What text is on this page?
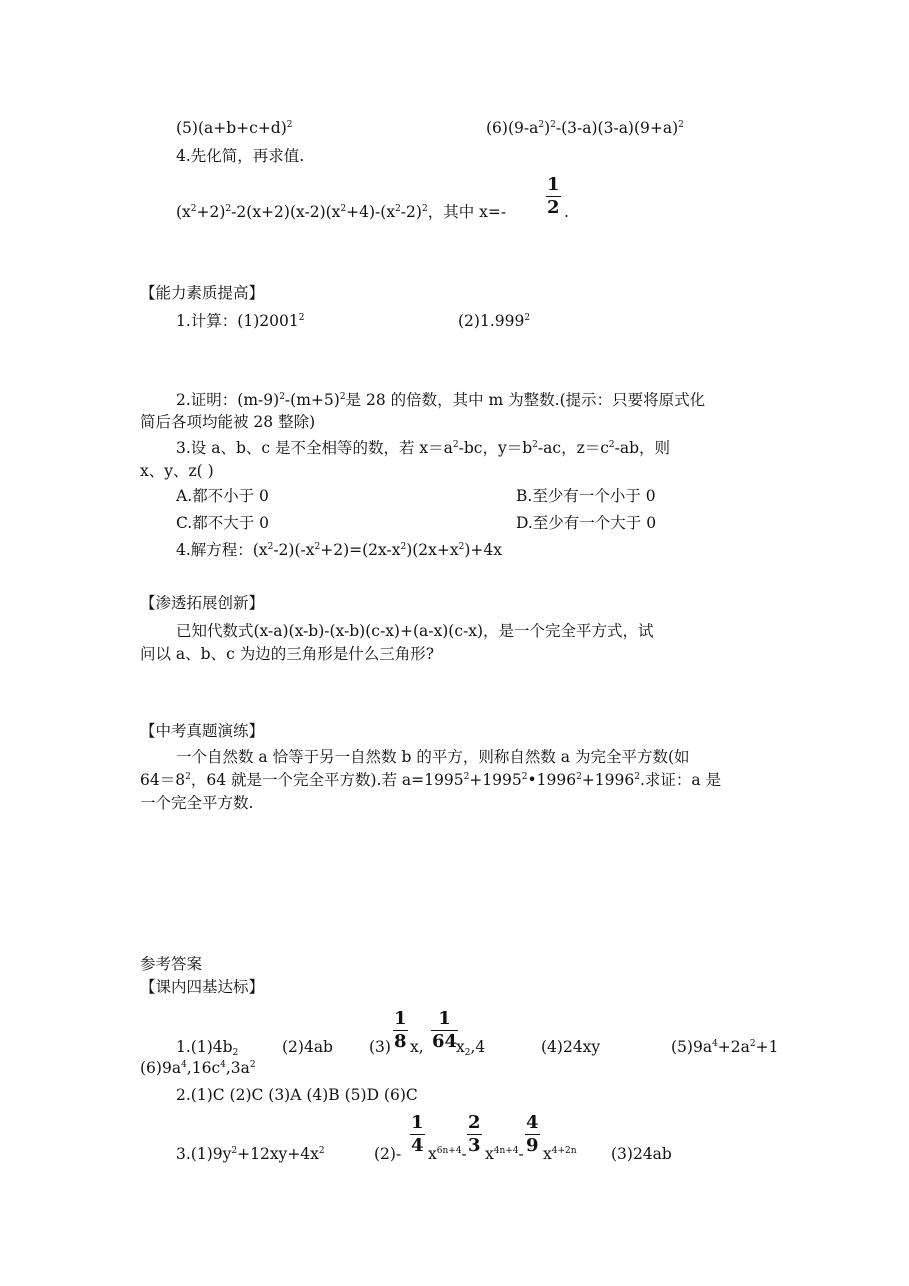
$(5)(a+b+c+d)^2$	$(6)(9-a^2)^2-(3-a)(3-a)(9+a)^2$
4.先化简，再求值.
$(x^2+2)^2-2(x+2)(x-2)(x^2+4)-(x^2-2)^2$，其中 x=-
1
2 .
【能力素质提高】
1.计算：(1)2001$^2$	(2)1.999$^2$
2.证明：$(m-9)^2-(m+5)^2$是 28 的倍数，其中 m 为整数.(提示：只要将原式化
简后各项均能被 28 整除)
3.设 a、b、c 是不全相等的数，若 $x=a^2-bc$，$y=b^2-ac$，$z=c^2-ab$，则
x、y、z( )
A.都不小于 0	B.至少有一个小于 0
C.都不大于 0	D.至少有一个大于 0
4.解方程：$(x^2-2)(-x^2+2)=(2x-x^2)(2x+x^2)+4x$
【渗透拓展创新】
已知代数式(x-a)(x-b)-(x-b)(c-x)+(a-x)(c-x)，是一个完全平方式，试
问以 a、b、c 为边的三角形是什么三角形?
【中考真题演练】
一个自然数 a 恰等于另一自然数 b 的平方，则称自然数 a 为完全平方数(如
$64=8^2$，64 就是一个完全平方数).若 $a=1995^2+1995^2•1996^2+1996^2$.求证：a 是
一个完全平方数.
参考答案
【课内四基达标】
$1.(1)4b_2$	(2)4ab (3)
1
8 x,
1
64
$x_2,4$	(4)24xy	$(5)9a^4+2a^2+1$
$(6)9a^4,16c^4,3a^2$
2.(1)C (2)C (3)A (4)B (5)D (6)C
$3.(1)9y^2+12xy+4x^2$	(2)-
1
4 $x^{6n+4}-$
2
3 $x^{4n+4}-$
4
9 $x^{4+2n}$ (3)24ab
